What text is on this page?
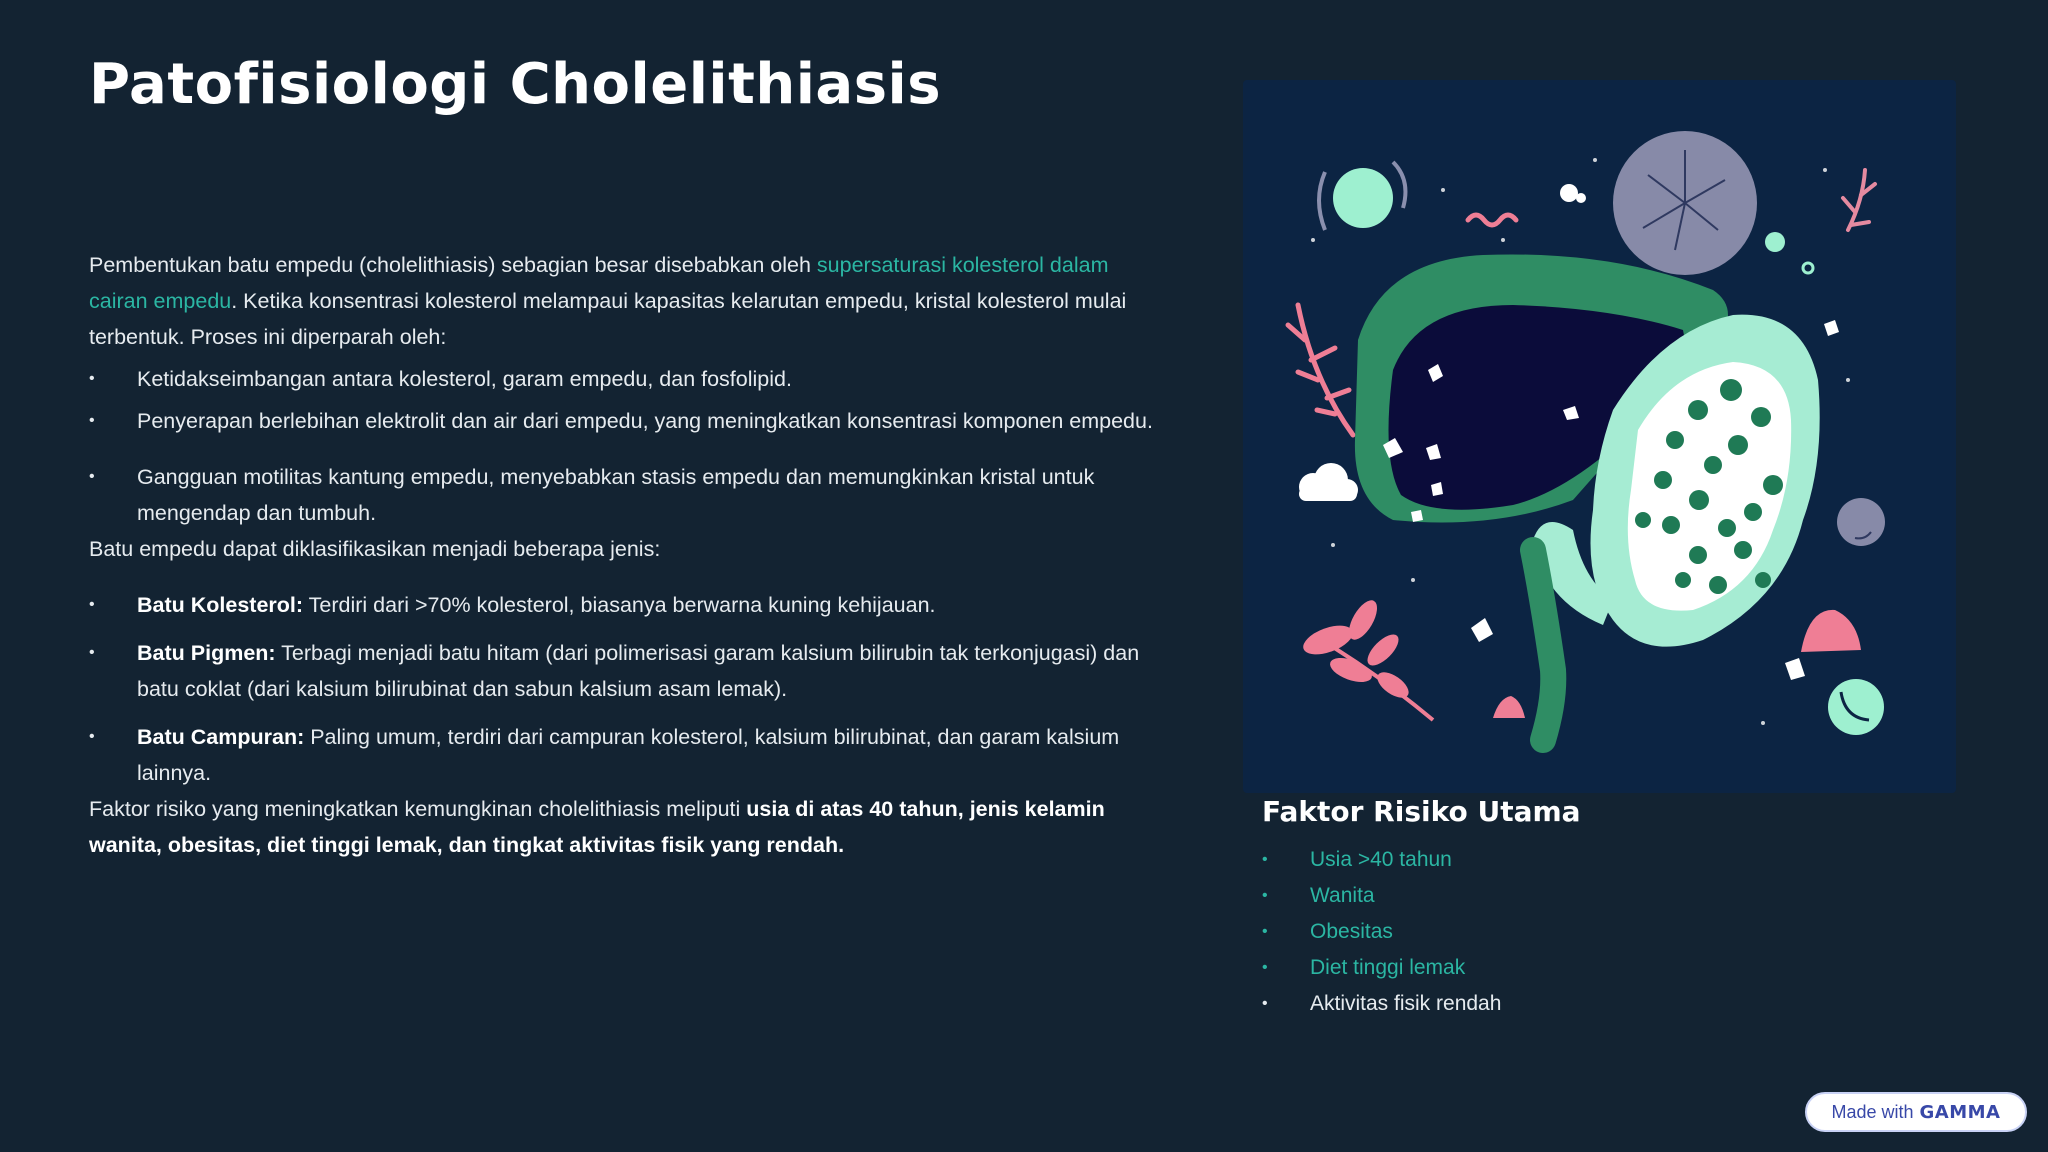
Patofisiologi Cholelithiasis

Pembentukan batu empedu (cholelithiasis) sebagian besar disebabkan oleh supersaturasi kolesterol dalam cairan empedu. Ketika konsentrasi kolesterol melampaui kapasitas kelarutan empedu, kristal kolesterol mulai terbentuk. Proses ini diperparah oleh:

• Ketidakseimbangan antara kolesterol, garam empedu, dan fosfolipid.
• Penyerapan berlebihan elektrolit dan air dari empedu, yang meningkatkan konsentrasi komponen empedu.
• Gangguan motilitas kantung empedu, menyebabkan stasis empedu dan memungkinkan kristal untuk mengendap dan tumbuh.

Batu empedu dapat diklasifikasikan menjadi beberapa jenis:

• Batu Kolesterol: Terdiri dari >70% kolesterol, biasanya berwarna kuning kehijauan.
• Batu Pigmen: Terbagi menjadi batu hitam (dari polimerisasi garam kalsium bilirubin tak terkonjugasi) dan batu coklat (dari kalsium bilirubinat dan sabun kalsium asam lemak).
• Batu Campuran: Paling umum, terdiri dari campuran kolesterol, kalsium bilirubinat, dan garam kalsium lainnya.

Faktor risiko yang meningkatkan kemungkinan cholelithiasis meliputi usia di atas 40 tahun, jenis kelamin wanita, obesitas, diet tinggi lemak, dan tingkat aktivitas fisik yang rendah.

Faktor Risiko Utama
• Usia >40 tahun
• Wanita
• Obesitas
• Diet tinggi lemak
• Aktivitas fisik rendah
Made with GAMMA
